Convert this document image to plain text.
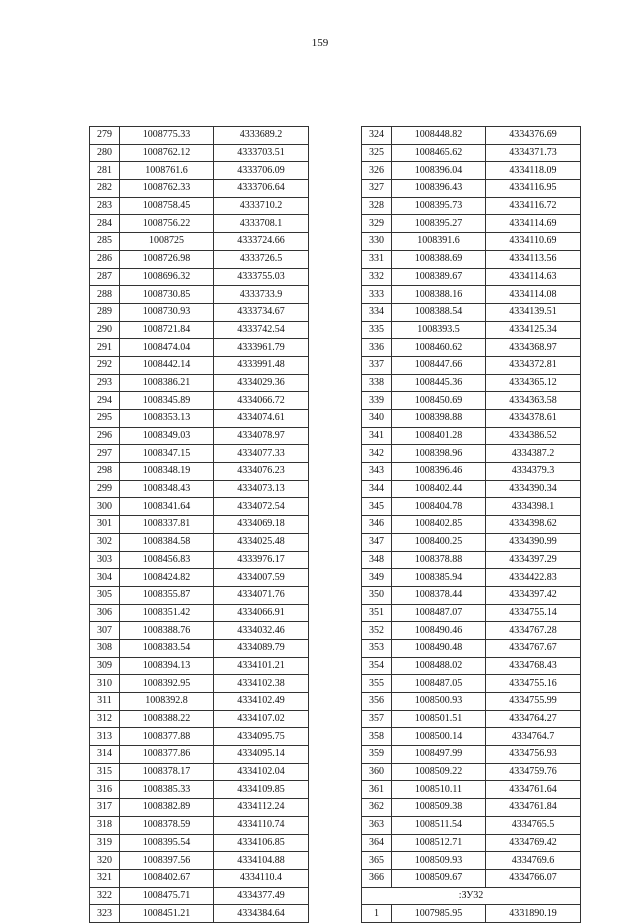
159
279	1008775.33	4333689.2
280	1008762.12	4333703.51
281	1008761.6	4333706.09
282	1008762.33	4333706.64
283	1008758.45	4333710.2
284	1008756.22	4333708.1
285	1008725	4333724.66
286	1008726.98	4333726.5
287	1008696.32	4333755.03
288	1008730.85	4333733.9
289	1008730.93	4333734.67
290	1008721.84	4333742.54
291	1008474.04	4333961.79
292	1008442.14	4333991.48
293	1008386.21	4334029.36
294	1008345.89	4334066.72
295	1008353.13	4334074.61
296	1008349.03	4334078.97
297	1008347.15	4334077.33
298	1008348.19	4334076.23
299	1008348.43	4334073.13
300	1008341.64	4334072.54
301	1008337.81	4334069.18
302	1008384.58	4334025.48
303	1008456.83	4333976.17
304	1008424.82	4334007.59
305	1008355.87	4334071.76
306	1008351.42	4334066.91
307	1008388.76	4334032.46
308	1008383.54	4334089.79
309	1008394.13	4334101.21
310	1008392.95	4334102.38
311	1008392.8	4334102.49
312	1008388.22	4334107.02
313	1008377.88	4334095.75
314	1008377.86	4334095.14
315	1008378.17	4334102.04
316	1008385.33	4334109.85
317	1008382.89	4334112.24
318	1008378.59	4334110.74
319	1008395.54	4334106.85
320	1008397.56	4334104.88
321	1008402.67	4334110.4
322	1008475.71	4334377.49
323	1008451.21	4334384.64
324	1008448.82	4334376.69
325	1008465.62	4334371.73
326	1008396.04	4334118.09
327	1008396.43	4334116.95
328	1008395.73	4334116.72
329	1008395.27	4334114.69
330	1008391.6	4334110.69
331	1008388.69	4334113.56
332	1008389.67	4334114.63
333	1008388.16	4334114.08
334	1008388.54	4334139.51
335	1008393.5	4334125.34
336	1008460.62	4334368.97
337	1008447.66	4334372.81
338	1008445.36	4334365.12
339	1008450.69	4334363.58
340	1008398.88	4334378.61
341	1008401.28	4334386.52
342	1008398.96	4334387.2
343	1008396.46	4334379.3
344	1008402.44	4334390.34
345	1008404.78	4334398.1
346	1008402.85	4334398.62
347	1008400.25	4334390.99
348	1008378.88	4334397.29
349	1008385.94	4334422.83
350	1008378.44	4334397.42
351	1008487.07	4334755.14
352	1008490.46	4334767.28
353	1008490.48	4334767.67
354	1008488.02	4334768.43
355	1008487.05	4334755.16
356	1008500.93	4334755.99
357	1008501.51	4334764.27
358	1008500.14	4334764.7
359	1008497.99	4334756.93
360	1008509.22	4334759.76
361	1008510.11	4334761.64
362	1008509.38	4334761.84
363	1008511.54	4334765.5
364	1008512.71	4334769.42
365	1008509.93	4334769.6
366	1008509.67	4334766.07
:ЗУ32		
1	1007985.95	4331890.19
